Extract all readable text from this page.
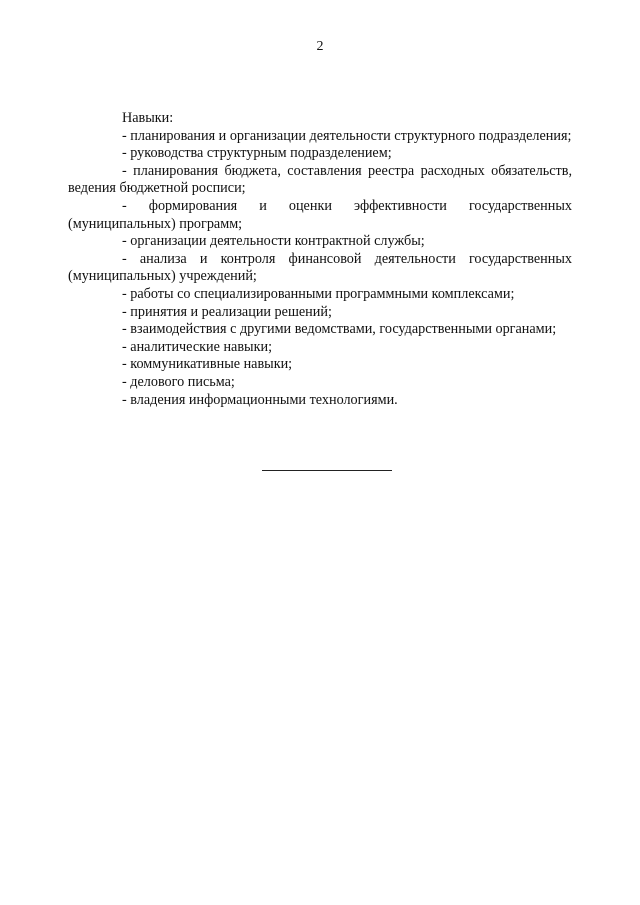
2

Навыки:

- планирования и организации деятельности структурного подразделения;
- руководства структурным подразделением;
- планирования бюджета, составления реестра расходных обязательств, ведения бюджетной росписи;
- формирования и оценки эффективности государственных (муниципальных) программ;
- организации деятельности контрактной службы;
- анализа и контроля финансовой деятельности государственных (муниципальных) учреждений;
- работы со специализированными программными комплексами;
- принятия и реализации решений;
- взаимодействия с другими ведомствами, государственными органами;
- аналитические навыки;
- коммуникативные навыки;
- делового письма;
- владения информационными технологиями.
